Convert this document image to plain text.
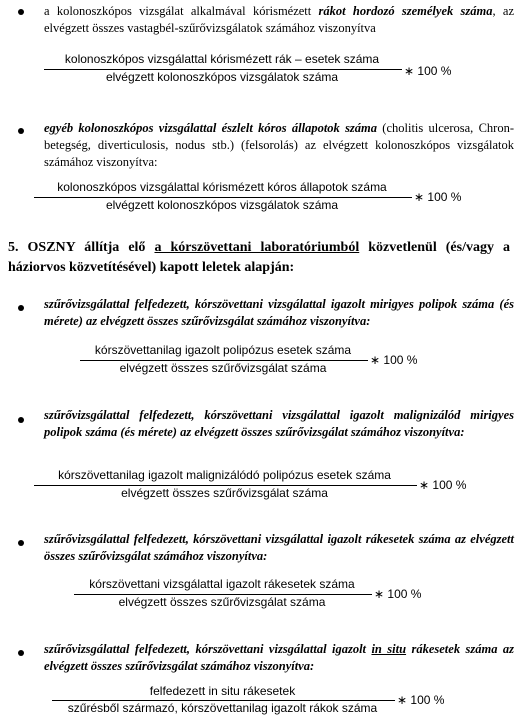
a kolonoszkópos vizsgálat alkalmával kórismézett rákot hordozó személyek száma, az elvégzett összes vastagbél-szűrővizsgálatok számához viszonyítva
kolonoszkópos vizsgálattal kórismézett rák – esetek száma
elvégzett kolonoszkópos vizsgálatok száma	∗ 100 %
egyéb kolonoszkópos vizsgálattal észlelt kóros állapotok száma (cholitis ulcerosa, Chron-betegség, diverticulosis, nodus stb.) (felsorolás) az elvégzett kolonoszkópos vizsgálatok számához viszonyítva:
kolonoszkópos vizsgálattal kórismézett kóros állapotok száma
elvégzett kolonoszkópos vizsgálatok száma
∗ 100 %
5. OSZNY állítja elő a kórszövettani laboratóriumból közvetlenül (és/vagy a háziorvos közvetítésével) kapott leletek alapján:
szűrővizsgálattal felfedezett, kórszövettani vizsgálattal igazolt mirigyes polipok száma (és mérete) az elvégzett összes szűrővizsgálat számához viszonyítva:
kórszövettanilag igazolt polipózus esetek száma
elvégzett összes szűrővizsgálat száma
∗ 100 %
szűrővizsgálattal felfedezett, kórszövettani vizsgálattal igazolt malignizálód mirigyes polipok száma (és mérete) az elvégzett összes szűrővizsgálat számához viszonyítva:
kórszövettanilag igazolt malignizálódó polipózus esetek száma
elvégzett összes szűrővizsgálat száma
∗ 100 %
szűrővizsgálattal felfedezett, kórszövettani vizsgálattal igazolt rákesetek száma az elvégzett összes szűrővizsgálat számához viszonyítva:
kórszövettani vizsgálattal igazolt rákesetek száma
elvégzett összes szűrővizsgálat száma
∗ 100 %
szűrővizsgálattal felfedezett, kórszövettani vizsgálattal igazolt in situ rákesetek száma az elvégzett összes szűrővizsgálat számához viszonyítva:
felfedezett in situ rákesetek
szűrésből származó, kórszövettanilag igazolt rákok száma
∗ 100 %
